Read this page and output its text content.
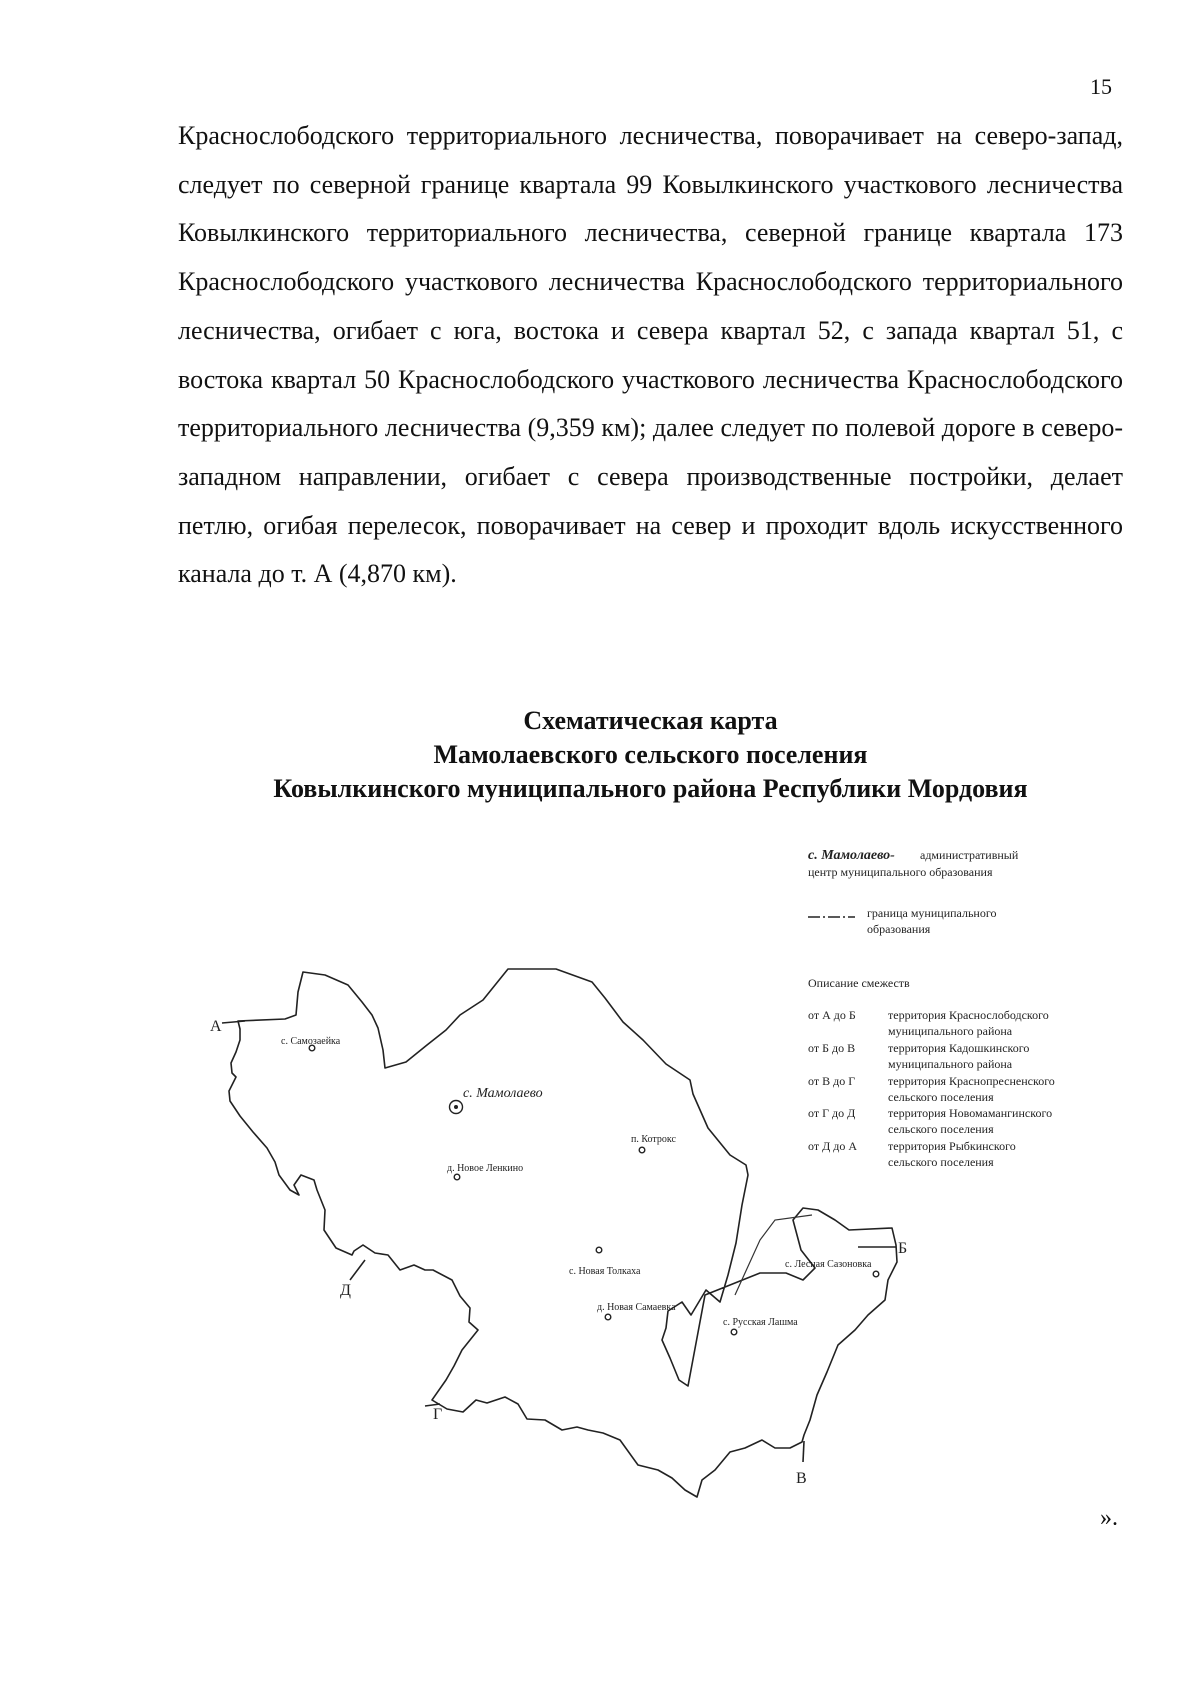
15

Краснослободского территориального лесничества, поворачивает на северо-запад, следует по северной границе квартала 99 Ковылкинского участкового лесничества Ковылкинского территориального лесничества, северной границе квартала 173 Краснослободского участкового лесничества Краснослободского территориального лесничества, огибает с юга, востока и севера квартал 52, с запада квартал 51, с востока квартал 50 Краснослободского участкового лесничества Краснослободского территориального лесничества (9,359 км); далее следует по полевой дороге в северо-западном направлении, огибает с севера производственные постройки, делает петлю, огибая перелесок, поворачивает на север и проходит вдоль искусственного канала до т. А (4,870 км).

Схематическая карта
Мамолаевского сельского поселения
Ковылкинского муниципального района Республики Мордовия
с. Самозаейка
с. Мамолаево
п. Котрокс
д. Новое Ленкино
с. Новая Толкаха
с. Лесная Сазоновка
д. Новая Самаевка
с. Русская Лашма
А
Б
В
Г
Д
с. Мамолаево- административный
центр муниципального образования
граница муниципального
образования
Описание смежеств
от А до Б	территория Краснослободского
муниципального района
от Б до В	территория Кадошкинского
муниципального района
от В до Г	территория Краснопресненского
сельского поселения
от Г до Д	территория Новомамангинского
сельского поселения
от Д до А	территория Рыбкинского
сельского поселения
».
